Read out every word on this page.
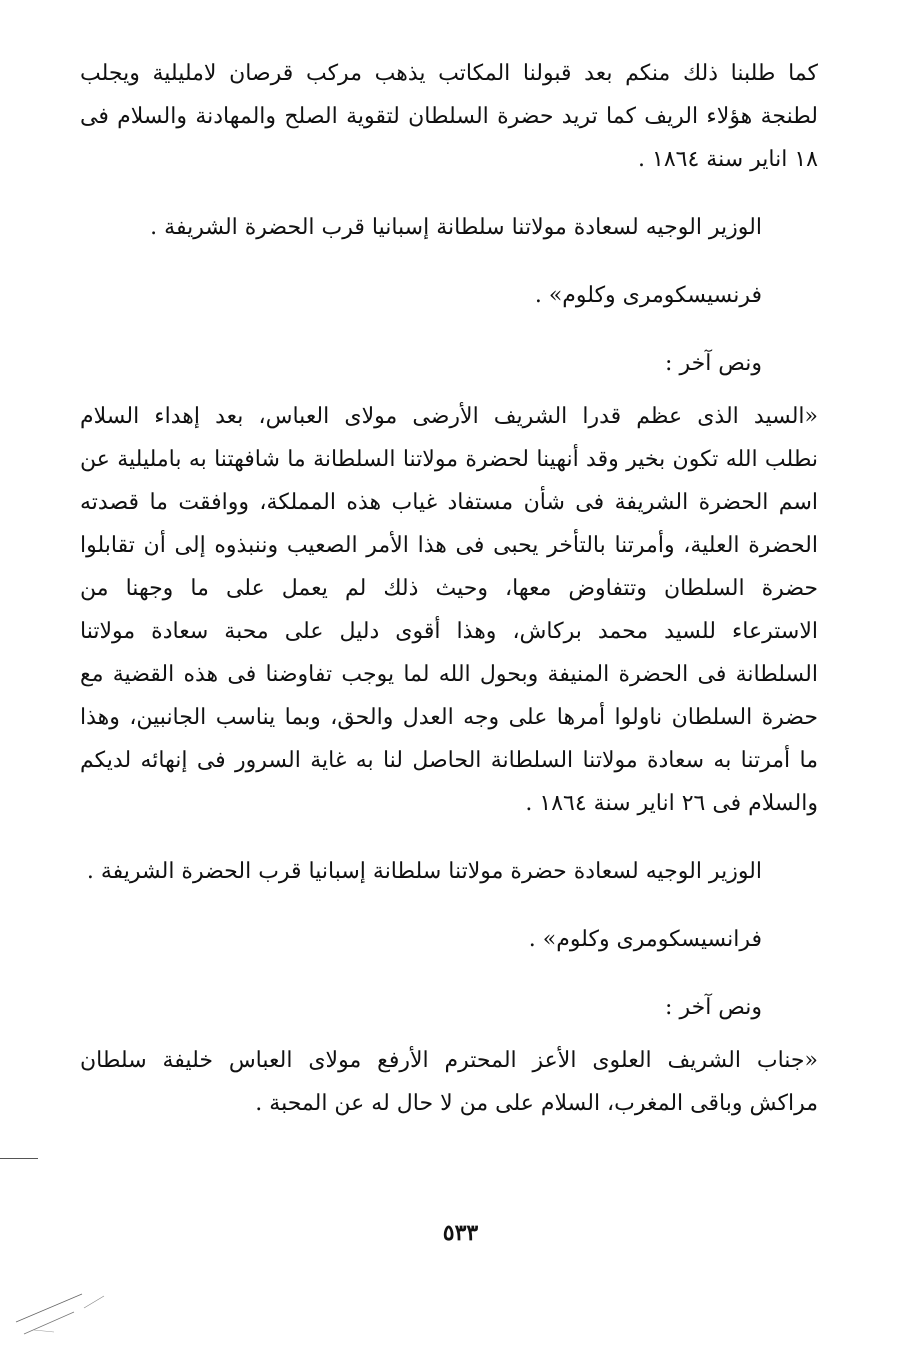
كما طلبنا ذلك منكم بعد قبولنا المكاتب يذهب مركب قرصان لامليلية ويجلب
لطنجة هؤلاء الريف كما تريد حضرة السلطان لتقوية الصلح والمهادنة والسلام فى
١٨ اناير سنة ١٨٦٤ .
الوزير الوجيه لسعادة مولاتنا سلطانة إسبانيا قرب الحضرة الشريفة .
فرنسيسكومرى وكلوم» .
ونص آخر :
«السيد الذى عظم قدرا الشريف الأرضى مولاى العباس، بعد إهداء السلام
نطلب الله تكون بخير وقد أنهينا لحضرة مولاتنا السلطانة ما شافهتنا به بامليلية عن
اسم الحضرة الشريفة فى شأن مستفاد غياب هذه المملكة، ووافقت ما قصدته
الحضرة العلية، وأمرتنا بالتأخر يحبى فى هذا الأمر الصعيب وننبذوه إلى أن تقابلوا
حضرة السلطان وتتفاوض معها، وحيث ذلك لم يعمل على ما وجهنا من
الاسترعاء للسيد محمد بركاش، وهذا أقوى دليل على محبة سعادة مولاتنا
السلطانة فى الحضرة المنيفة وبحول الله لما يوجب تفاوضنا فى هذه القضية مع
حضرة السلطان ناولوا أمرها على وجه العدل والحق، وبما يناسب الجانبين، وهذا
ما أمرتنا به سعادة مولاتنا السلطانة الحاصل لنا به غاية السرور فى إنهائه لديكم
والسلام فى ٢٦ اناير سنة ١٨٦٤ .
الوزير الوجيه لسعادة حضرة مولاتنا سلطانة إسبانيا قرب الحضرة الشريفة .
فرانسيسكومرى وكلوم» .
ونص آخر :
«جناب الشريف العلوى الأعز المحترم الأرفع مولاى العباس خليفة سلطان
مراكش وباقى المغرب، السلام على من لا حال له عن المحبة .
٥٣٣
